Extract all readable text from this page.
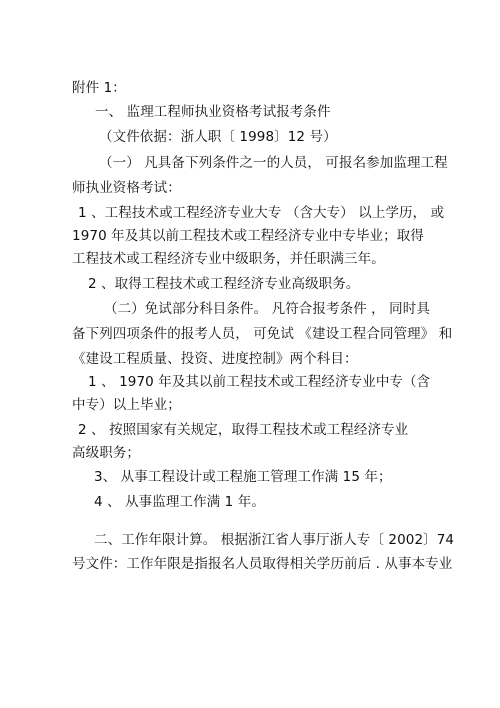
附件 1：
一、 监理工程师执业资格考试报考条件
（文件依据：浙人职〔 1998〕12 号）
（一） 凡具备下列条件之一的人员， 可报名参加监理工程
师执业资格考试：
1 、工程技术或工程经济专业大专 （含大专） 以上学历， 或
1970 年及其以前工程技术或工程经济专业中专毕业；取得
工程技术或工程经济专业中级职务，并任职满三年。
2 、取得工程技术或工程经济专业高级职务。
（二）免试部分科目条件。 凡符合报考条件 ， 同时具
备下列四项条件的报考人员， 可免试 《建设工程合同管理》 和
《建设工程质量、投资、进度控制》两个科目：
1 、 1970 年及其以前工程技术或工程经济专业中专（含
中专）以上毕业；
2 、 按照国家有关规定，取得工程技术或工程经济专业
高级职务；
3、 从事工程设计或工程施工管理工作满 15 年；
4 、 从事监理工作满 1 年。
二、工作年限计算。 根据浙江省人事厅浙人专〔 2002〕74
号文件：工作年限是指报名人员取得相关学历前后 . 从事本专业
